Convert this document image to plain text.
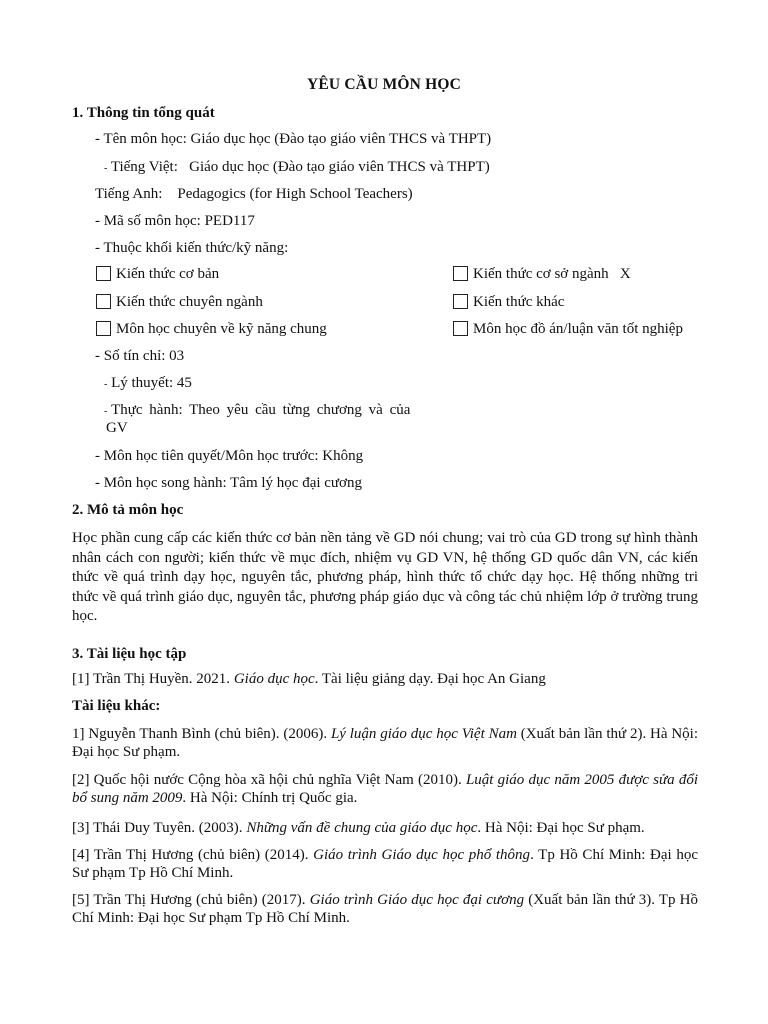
YÊU CẦU MÔN HỌC
1. Thông tin tổng quát
- Tên môn học: Giáo dục học (Đào tạo giáo viên THCS và THPT)
- Tiếng Việt: Giáo dục học (Đào tạo giáo viên THCS và THPT)
Tiếng Anh: Pedagogics (for High School Teachers)
- Mã số môn học: PED117
- Thuộc khối kiến thức/kỹ năng:
Kiến thức cơ bản	Kiến thức cơ sở ngành X
Kiến thức chuyên ngành	Kiến thức khác
Môn học chuyên về kỹ năng chung	Môn học đồ án/luận văn tốt nghiệp
- Số tín chỉ: 03
- Lý thuyết: 45
- Thực hành: Theo yêu cầu từng chương và của
GV
- Môn học tiên quyết/Môn học trước: Không
- Môn học song hành: Tâm lý học đại cương
2. Mô tả môn học
Học phần cung cấp các kiến thức cơ bản nền tảng về GD nói chung; vai trò của GD trong sự hình thành nhân cách con người; kiến thức về mục đích, nhiệm vụ GD VN, hệ thống GD quốc dân VN, các kiến thức về quá trình dạy học, nguyên tắc, phương pháp, hình thức tổ chức dạy học. Hệ thống những tri thức về quá trình giáo dục, nguyên tắc, phương pháp giáo dục và công tác chủ nhiệm lớp ở trường trung học.
3. Tài liệu học tập
[1] Trần Thị Huyền. 2021. Giáo dục học. Tài liệu giảng dạy. Đại học An Giang
Tài liệu khác:
1] Nguyễn Thanh Bình (chủ biên). (2006). Lý luận giáo dục học Việt Nam (Xuất bản lần thứ 2). Hà Nội: Đại học Sư phạm.
[2] Quốc hội nước Cộng hòa xã hội chủ nghĩa Việt Nam (2010). Luật giáo dục năm 2005 được sửa đổi bổ sung năm 2009. Hà Nội: Chính trị Quốc gia.
[3] Thái Duy Tuyên. (2003). Những vấn đề chung của giáo dục học. Hà Nội: Đại học Sư phạm.
[4] Trần Thị Hương (chủ biên) (2014). Giáo trình Giáo dục học phổ thông. Tp Hồ Chí Minh: Đại học Sư phạm Tp Hồ Chí Minh.
[5] Trần Thị Hương (chủ biên) (2017). Giáo trình Giáo dục học đại cương (Xuất bản lần thứ 3). Tp Hồ Chí Minh: Đại học Sư phạm Tp Hồ Chí Minh.
